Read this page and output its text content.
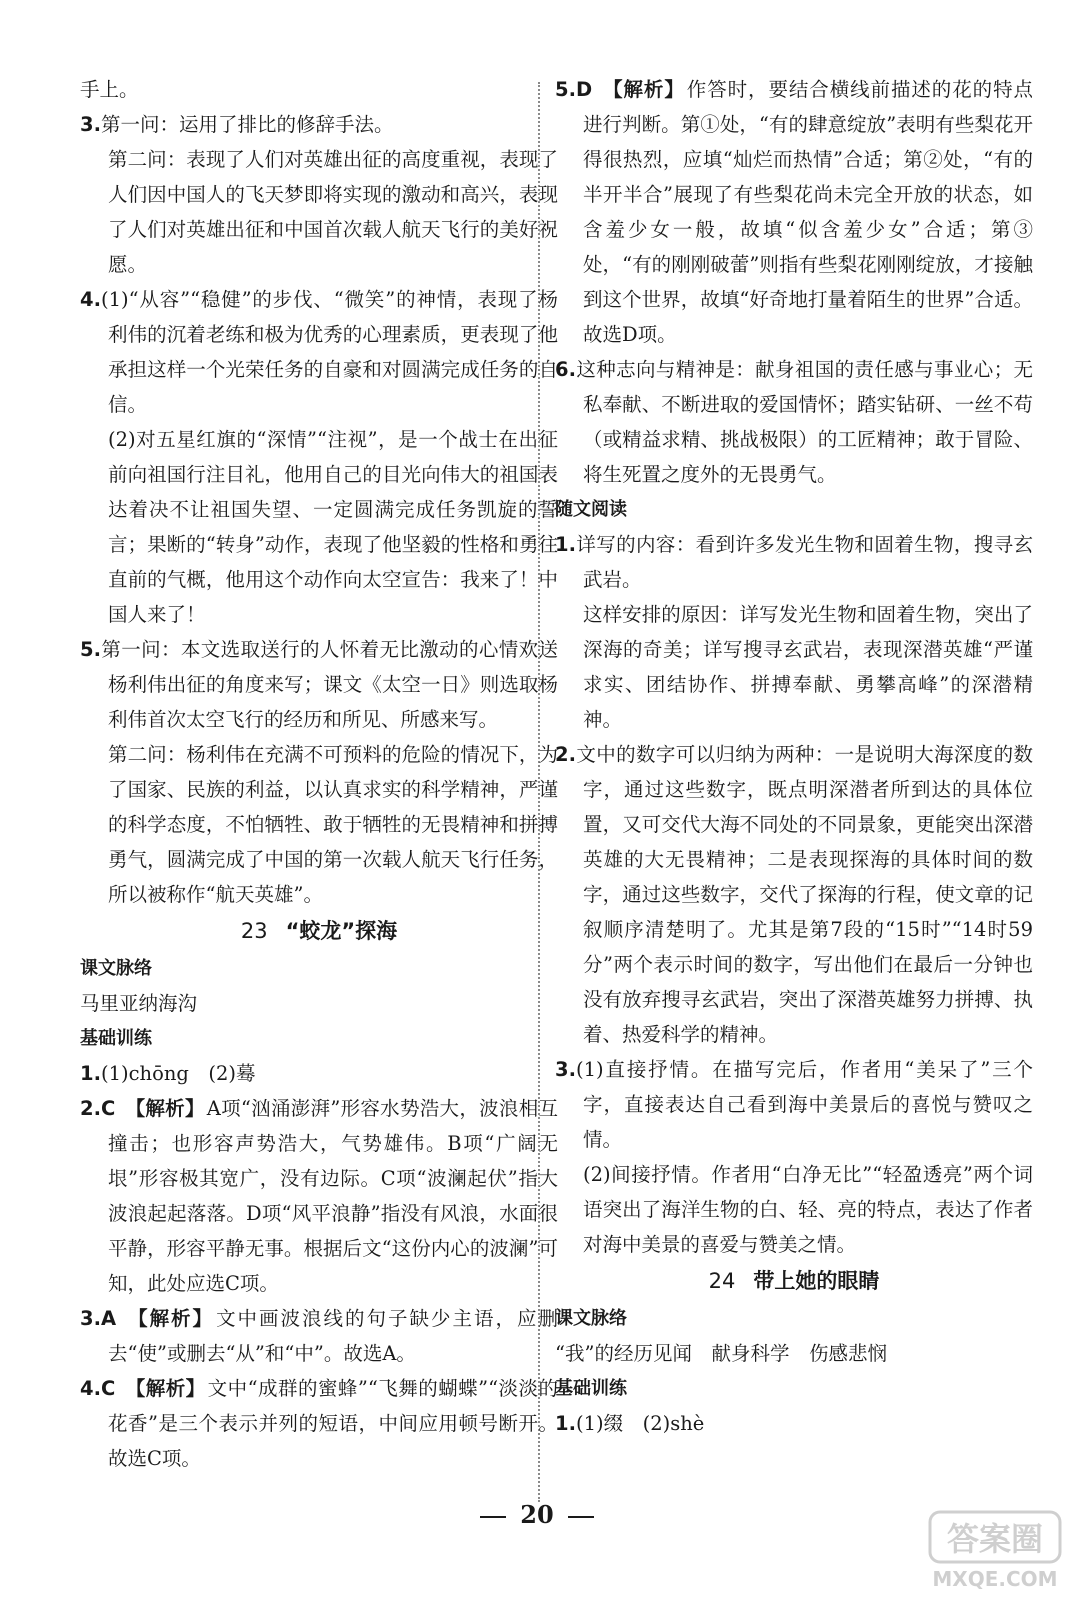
手上。

3.第一问：运用了排比的修辞手法。

第二问：表现了人们对英雄出征的高度重视，表现了人们因中国人的飞天梦即将实现的激动和高兴，表现了人们对英雄出征和中国首次载人航天飞行的美好祝愿。

4.(1)“从容”“稳健”的步伐、“微笑”的神情，表现了杨利伟的沉着老练和极为优秀的心理素质，更表现了他承担这样一个光荣任务的自豪和对圆满完成任务的自信。

(2)对五星红旗的“深情”“注视”，是一个战士在出征前向祖国行注目礼，他用自己的目光向伟大的祖国表达着决不让祖国失望、一定圆满完成任务凯旋的誓言；果断的“转身”动作，表现了他坚毅的性格和勇往直前的气概，他用这个动作向太空宣告：我来了！中国人来了！

5.第一问：本文选取送行的人怀着无比激动的心情欢送杨利伟出征的角度来写；课文《太空一日》则选取杨利伟首次太空飞行的经历和所见、所感来写。

第二问：杨利伟在充满不可预料的危险的情况下，为了国家、民族的利益，以认真求实的科学精神，严谨的科学态度，不怕牺牲、敢于牺牲的无畏精神和拼搏勇气，圆满完成了中国的第一次载人航天飞行任务，所以被称作“航天英雄”。

23 “蛟龙”探海

课文脉络

马里亚纳海沟

基础训练

1.(1)chōng　(2)蓦

2.C 【解析】 A项“汹涌澎湃”形容水势浩大，波浪相互撞击；也形容声势浩大，气势雄伟。B项“广阔无垠”形容极其宽广，没有边际。C项“波澜起伏”指大波浪起起落落。D项“风平浪静”指没有风浪，水面很平静，形容平静无事。根据后文“这份内心的波澜”可知，此处应选C项。

3.A 【解析】 文中画波浪线的句子缺少主语，应删去“使”或删去“从”和“中”。故选A。

4.C 【解析】 文中“成群的蜜蜂”“飞舞的蝴蝶”“淡淡的花香”是三个表示并列的短语，中间应用顿号断开。故选C项。

5.D 【解析】 作答时，要结合横线前描述的花的特点进行判断。第①处，“有的肆意绽放”表明有些梨花开得很热烈，应填“灿烂而热情”合适；第②处，“有的半开半合”展现了有些梨花尚未完全开放的状态，如含羞少女一般，故填“似含羞少女”合适；第③处，“有的刚刚破蕾”则指有些梨花刚刚绽放，才接触到这个世界，故填“好奇地打量着陌生的世界”合适。故选D项。

6.这种志向与精神是：献身祖国的责任感与事业心；无私奉献、不断进取的爱国情怀；踏实钻研、一丝不苟（或精益求精、挑战极限）的工匠精神；敢于冒险、将生死置之度外的无畏勇气。

随文阅读

1.详写的内容：看到许多发光生物和固着生物，搜寻玄武岩。

这样安排的原因：详写发光生物和固着生物，突出了深海的奇美；详写搜寻玄武岩，表现深潜英雄“严谨求实、团结协作、拼搏奉献、勇攀高峰”的深潜精神。

2.文中的数字可以归纳为两种：一是说明大海深度的数字，通过这些数字，既点明深潜者所到达的具体位置，又可交代大海不同处的不同景象，更能突出深潜英雄的大无畏精神；二是表现探海的具体时间的数字，通过这些数字，交代了探海的行程，使文章的记叙顺序清楚明了。尤其是第7段的“15时”“14时59分”两个表示时间的数字，写出他们在最后一分钟也没有放弃搜寻玄武岩，突出了深潜英雄努力拼搏、执着、热爱科学的精神。

3.(1)直接抒情。在描写完后，作者用“美呆了”三个字，直接表达自己看到海中美景后的喜悦与赞叹之情。

(2)间接抒情。作者用“白净无比”“轻盈透亮”两个词语突出了海洋生物的白、轻、亮的特点，表达了作者对海中美景的喜爱与赞美之情。

24 带上她的眼睛

课文脉络

“我”的经历见闻　献身科学　伤感悲悯

基础训练

1.(1)缀　(2)shè

20
答案圈
MXQE.COM
